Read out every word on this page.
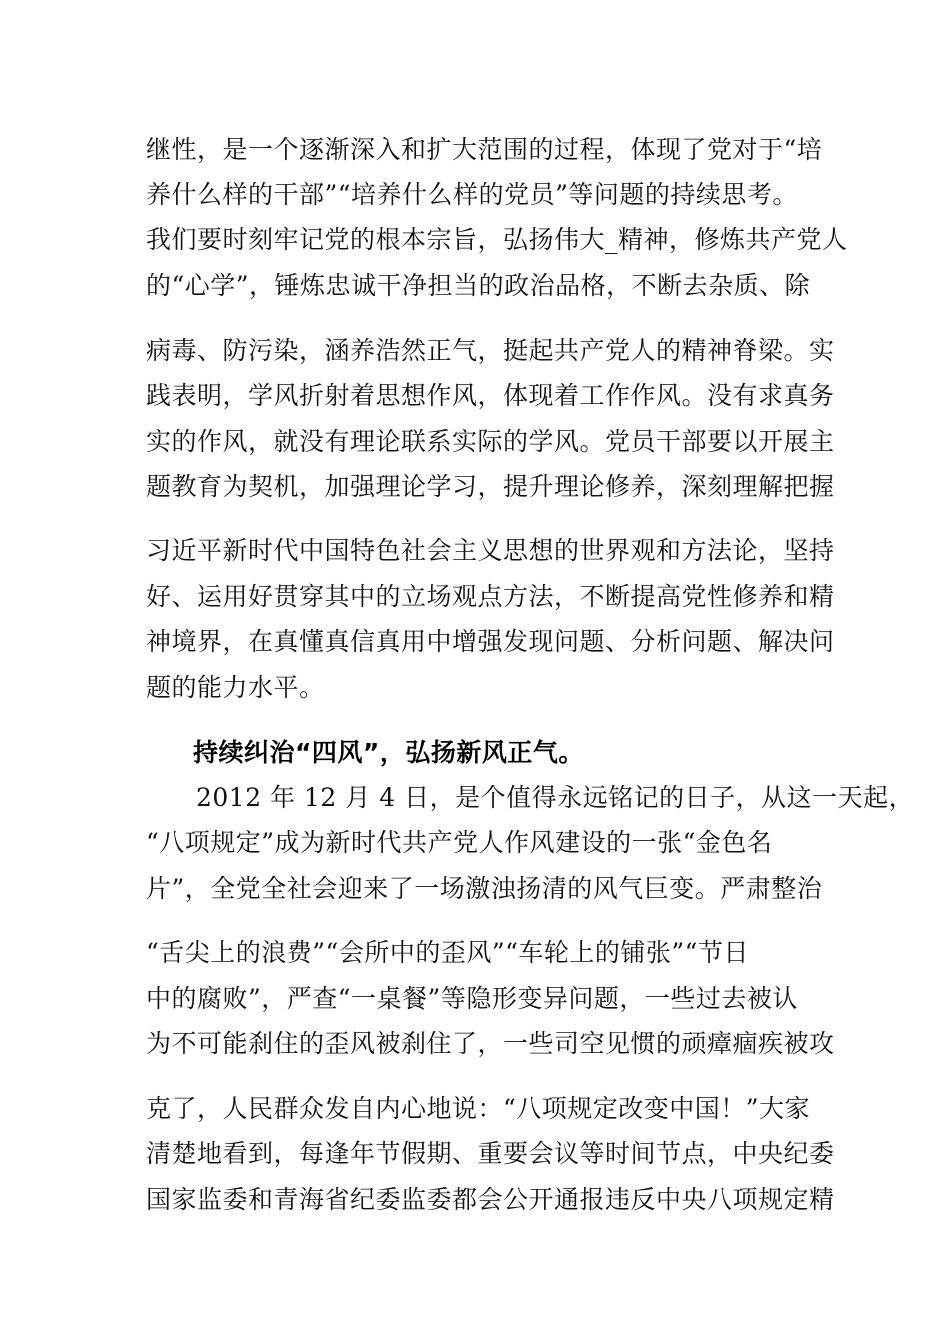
继性，是一个逐渐深入和扩大范围的过程，体现了党对于“培
养什么样的干部”“培养什么样的党员”等问题的持续思考。
我们要时刻牢记党的根本宗旨，弘扬伟大_精神，修炼共产党人
的“心学”，锤炼忠诚干净担当的政治品格，不断去杂质、除
病毒、防污染，涵养浩然正气，挺起共产党人的精神脊梁。实
践表明，学风折射着思想作风，体现着工作作风。没有求真务
实的作风，就没有理论联系实际的学风。党员干部要以开展主
题教育为契机，加强理论学习，提升理论修养，深刻理解把握
习近平新时代中国特色社会主义思想的世界观和方法论，坚持
好、运用好贯穿其中的立场观点方法，不断提高党性修养和精
神境界，在真懂真信真用中增强发现问题、分析问题、解决问
题的能力水平。
持续纠治“四风”，弘扬新风正气。
2012 年 12 月 4 日，是个值得永远铭记的日子，从这一天起，
“八项规定”成为新时代共产党人作风建设的一张“金色名
片”，全党全社会迎来了一场激浊扬清的风气巨变。严肃整治
“舌尖上的浪费”“会所中的歪风”“车轮上的铺张”“节日
中的腐败”，严查“一桌餐”等隐形变异问题，一些过去被认
为不可能刹住的歪风被刹住了，一些司空见惯的顽瘴痼疾被攻
克了，人民群众发自内心地说：“八项规定改变中国！”大家
清楚地看到，每逢年节假期、重要会议等时间节点，中央纪委
国家监委和青海省纪委监委都会公开通报违反中央八项规定精
